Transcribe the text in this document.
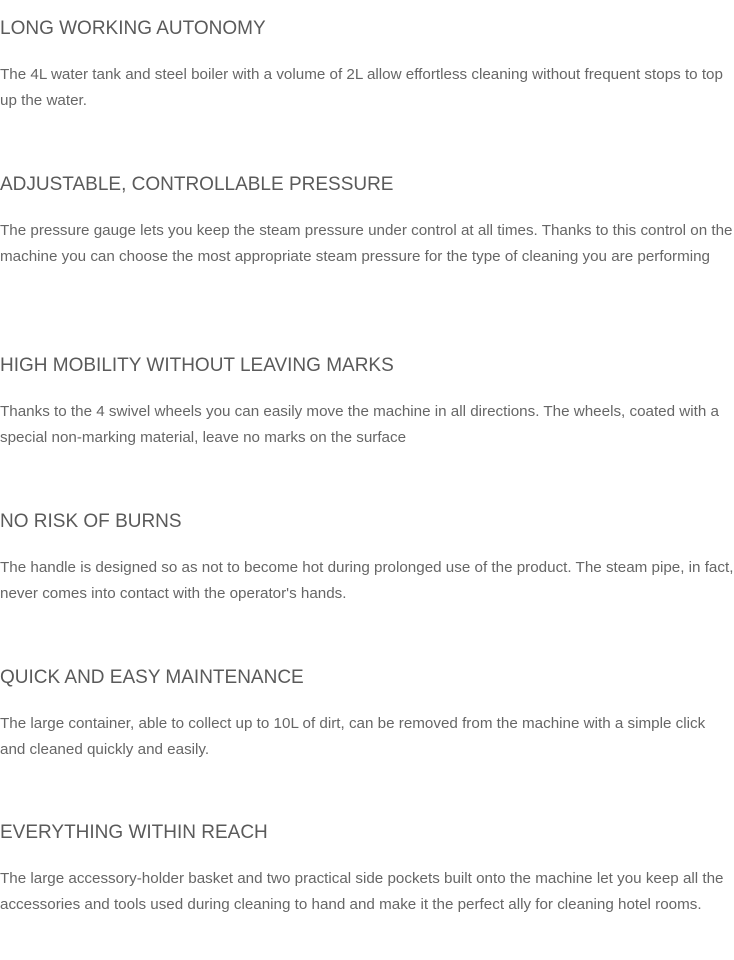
LONG WORKING AUTONOMY

The 4L water tank and steel boiler with a volume of 2L allow effortless cleaning without frequent stops to top up the water.

ADJUSTABLE, CONTROLLABLE PRESSURE

The pressure gauge lets you keep the steam pressure under control at all times. Thanks to this control on the machine you can choose the most appropriate steam pressure for the type of cleaning you are performing

HIGH MOBILITY WITHOUT LEAVING MARKS

Thanks to the 4 swivel wheels you can easily move the machine in all directions. The wheels, coated with a special non-marking material, leave no marks on the surface

NO RISK OF BURNS

The handle is designed so as not to become hot during prolonged use of the product. The steam pipe, in fact, never comes into contact with the operator's hands.

QUICK AND EASY MAINTENANCE

The large container, able to collect up to 10L of dirt, can be removed from the machine with a simple click and cleaned quickly and easily.

EVERYTHING WITHIN REACH

The large accessory-holder basket and two practical side pockets built onto the machine let you keep all the accessories and tools used during cleaning to hand and make it the perfect ally for cleaning hotel rooms.
